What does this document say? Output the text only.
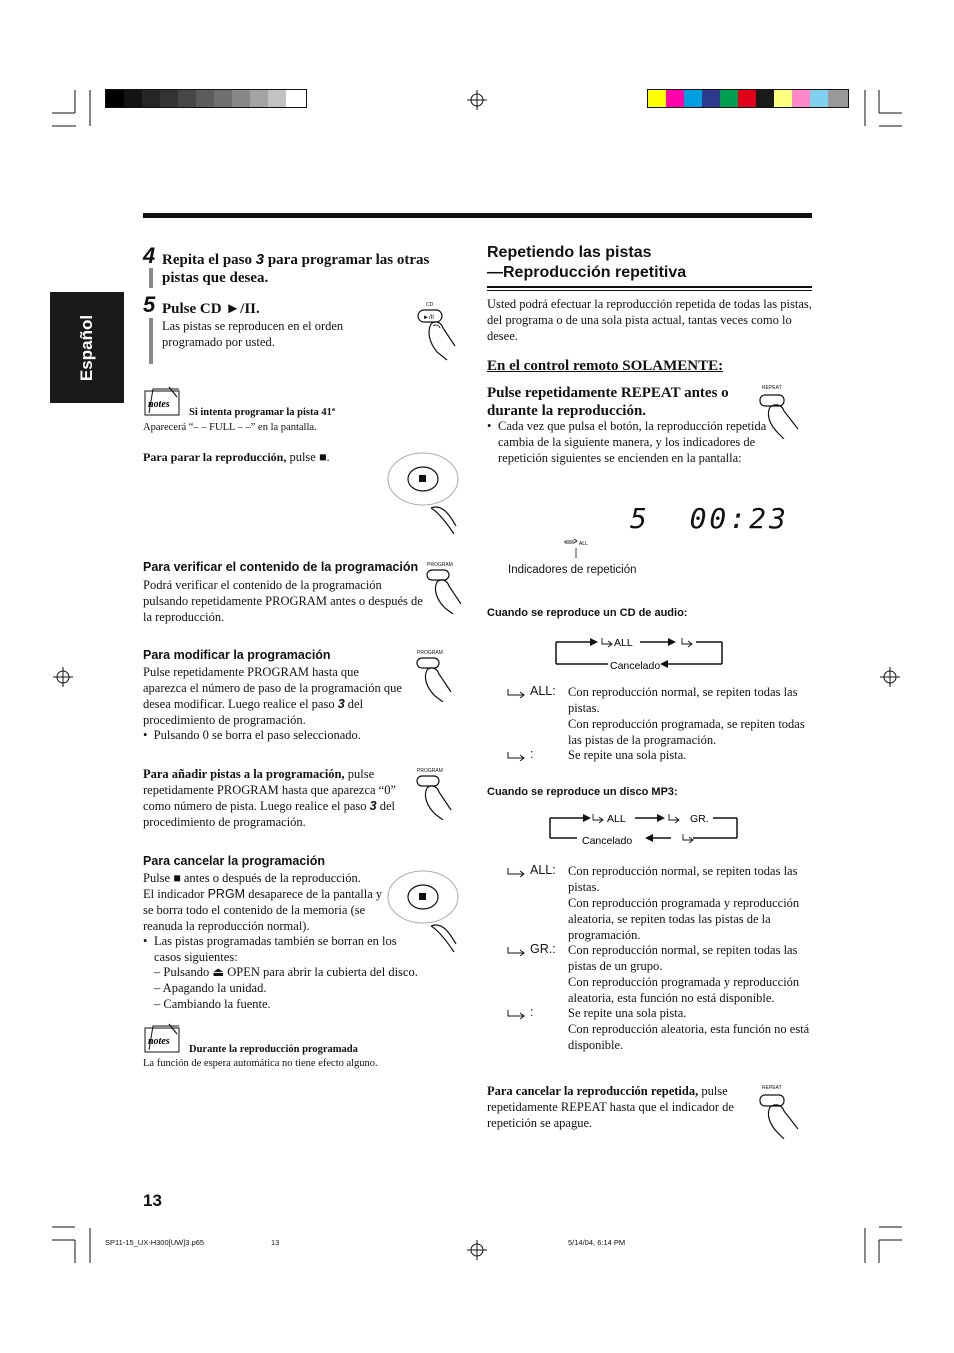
Español
4 Repita el paso 3 para programar las otras pistas que desea.
5 Pulse CD ►/II.
Las pistas se reproducen en el orden programado por usted.
CD
►/II
notes
Si intenta programar la pista 41ª
Aparecerá “– – FULL – –” en la pantalla.
Para parar la reproducción, pulse ■.
Para verificar el contenido de la programación
Podrá verificar el contenido de la programación pulsando repetidamente PROGRAM antes o después de la reproducción.
PROGRAM
Para modificar la programación
Pulse repetidamente PROGRAM hasta que aparezca el número de paso de la programación que desea modificar. Luego realice el paso 3 del procedimiento de programación.
•  Pulsando 0 se borra el paso seleccionado.
PROGRAM
Para añadir pistas a la programación, pulse repetidamente PROGRAM hasta que aparezca “0” como número de pista. Luego realice el paso 3 del procedimiento de programación.
PROGRAM
Para cancelar la programación
Pulse ■ antes o después de la reproducción.
El indicador PRGM desaparece de la pantalla y se borra todo el contenido de la memoria (se reanuda la reproducción normal).
• Las pistas programadas también se borran en los casos siguientes:
– Pulsando ⏏ OPEN para abrir la cubierta del disco.
– Apagando la unidad.
– Cambiando la fuente.
notes
Durante la reproducción programada
La función de espera automática no tiene efecto alguno.
Repetiendo las pistas
—Reproducción repetitiva
Usted podrá efectuar la reproducción repetida de todas las pistas, del programa o de una sola pista actual, tantas veces como lo desee.
En el control remoto SOLAMENTE:
Pulse repetidamente REPEAT antes o durante la reproducción.
• Cada vez que pulsa el botón, la reproducción repetida cambia de la siguiente manera, y los indicadores de repetición siguientes se encienden en la pantalla:
REPEAT
5  00:23
ALL
Indicadores de repetición
Cuando se reproduce un CD de audio:
ALL
Cancelado
ALL: Con reproducción normal, se repiten todas las pistas.
Con reproducción programada, se repiten todas las pistas de la programación.
:	Se repite una sola pista.
Cuando se reproduce un disco MP3:
ALL	GR.
Cancelado
ALL: Con reproducción normal, se repiten todas las pistas.
Con reproducción programada y reproducción aleatoria, se repiten todas las pistas de la programación.
GR.: Con reproducción normal, se repiten todas las pistas de un grupo.
Con reproducción programada y reproducción aleatoria, esta función no está disponible.
:	Se repite una sola pista.
Con reproducción aleatoria, esta función no está disponible.
Para cancelar la reproducción repetida, pulse repetidamente REPEAT hasta que el indicador de repetición se apague.
REPEAT
13
SP11-15_UX-H300[UW]3.p65	13	5/14/04, 6:14 PM
